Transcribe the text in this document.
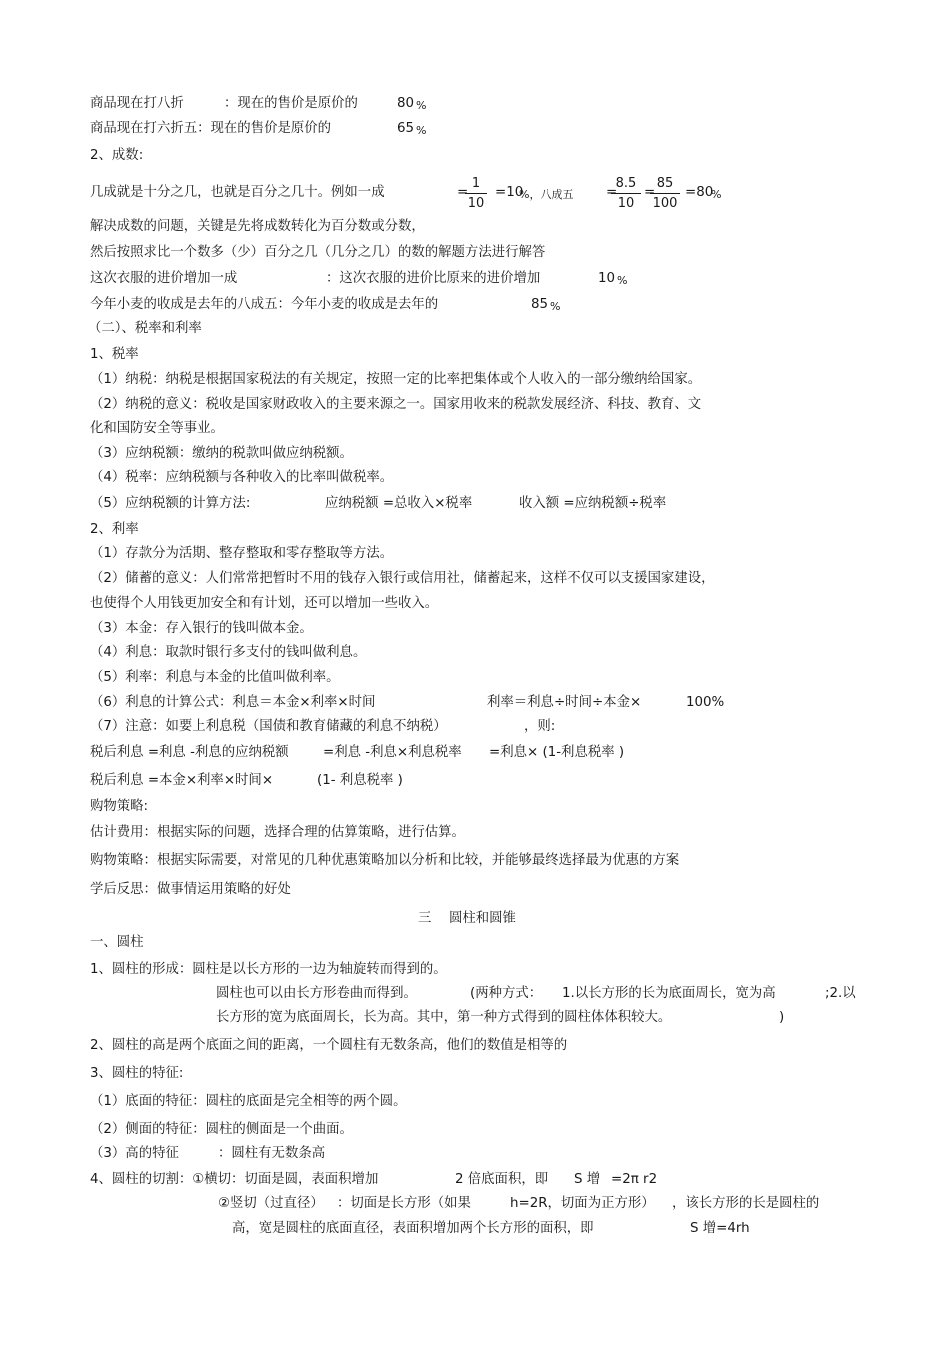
商品现在打八折	：现在的售价是原价的	80 %
商品现在打六折五：现在的售价是原价的	65 %
2、成数:
几成就是十分之几，也就是百分之几十。例如一成	=
$\frac{1}{10} =10$
%，八成五 =
$\frac{8.5}{10}$ =
$\frac{85}{100} =80$
%
解决成数的问题，关键是先将成数转化为百分数或分数，
然后按照求比一个数多（少）百分之几（几分之几）的数的解题方法进行解答
这次衣服的进价增加一成	：这次衣服的进价比原来的进价增加	10 %
今年小麦的收成是去年的八成五：今年小麦的收成是去年的	85 %
（二）、税率和利率
1、税率
（1）纳税：纳税是根据国家税法的有关规定，按照一定的比率把集体或个人收入的一部分缴纳给国家。
（2）纳税的意义：税收是国家财政收入的主要来源之一。国家用收来的税款发展经济、科技、教育、文
化和国防安全等事业。
（3）应纳税额：缴纳的税款叫做应纳税额。
（4）税率：应纳税额与各种收入的比率叫做税率。
（5）应纳税额的计算方法:	应纳税额 =总收入×税率	收入额 =应纳税额÷税率
2、利率
（1）存款分为活期、整存整取和零存整取等方法。
（2）储蓄的意义：人们常常把暂时不用的钱存入银行或信用社，储蓄起来，这样不仅可以支援国家建设，
也使得个人用钱更加安全和有计划，还可以增加一些收入。
（3）本金：存入银行的钱叫做本金。
（4）利息：取款时银行多支付的钱叫做利息。
（5）利率：利息与本金的比值叫做利率。
（6）利息的计算公式：利息＝本金×利率×时间	利率＝利息÷时间÷本金×	100%
（7）注意：如要上利息税（国债和教育储藏的利息不纳税）	，则:
税后利息 =利息 -利息的应纳税额	=利息 -利息×利息税率 =利息× (1-利息税率 )
税后利息 =本金×利率×时间×	(1- 利息税率 )
购物策略:
估计费用：根据实际的问题，选择合理的估算策略，进行估算。
购物策略：根据实际需要，对常见的几种优惠策略加以分析和比较，并能够最终选择最为优惠的方案
学后反思：做事情运用策略的好处
三 圆柱和圆锥
一、圆柱
1、圆柱的形成：圆柱是以长方形的一边为轴旋转而得到的。
圆柱也可以由长方形卷曲而得到。	(两种方式： 1.以长方形的长为底面周长，宽为高	;2.以
长方形的宽为底面周长，长为高。其中，第一种方式得到的圆柱体体积较大。	)
2、圆柱的高是两个底面之间的距离，一个圆柱有无数条高，他们的数值是相等的
3、圆柱的特征:
（1）底面的特征：圆柱的底面是完全相等的两个圆。
（2）侧面的特征：圆柱的侧面是一个曲面。
（3）高的特征	：圆柱有无数条高
4、圆柱的切割：①横切：切面是圆，表面积增加	2 倍底面积，即 S 增 =2π r2
②竖切（过直径） ：切面是长方形（如果	h=2R，切面为正方形） ，该长方形的长是圆柱的
高，宽是圆柱的底面直径，表面积增加两个长方形的面积，即	S 增=4rh
